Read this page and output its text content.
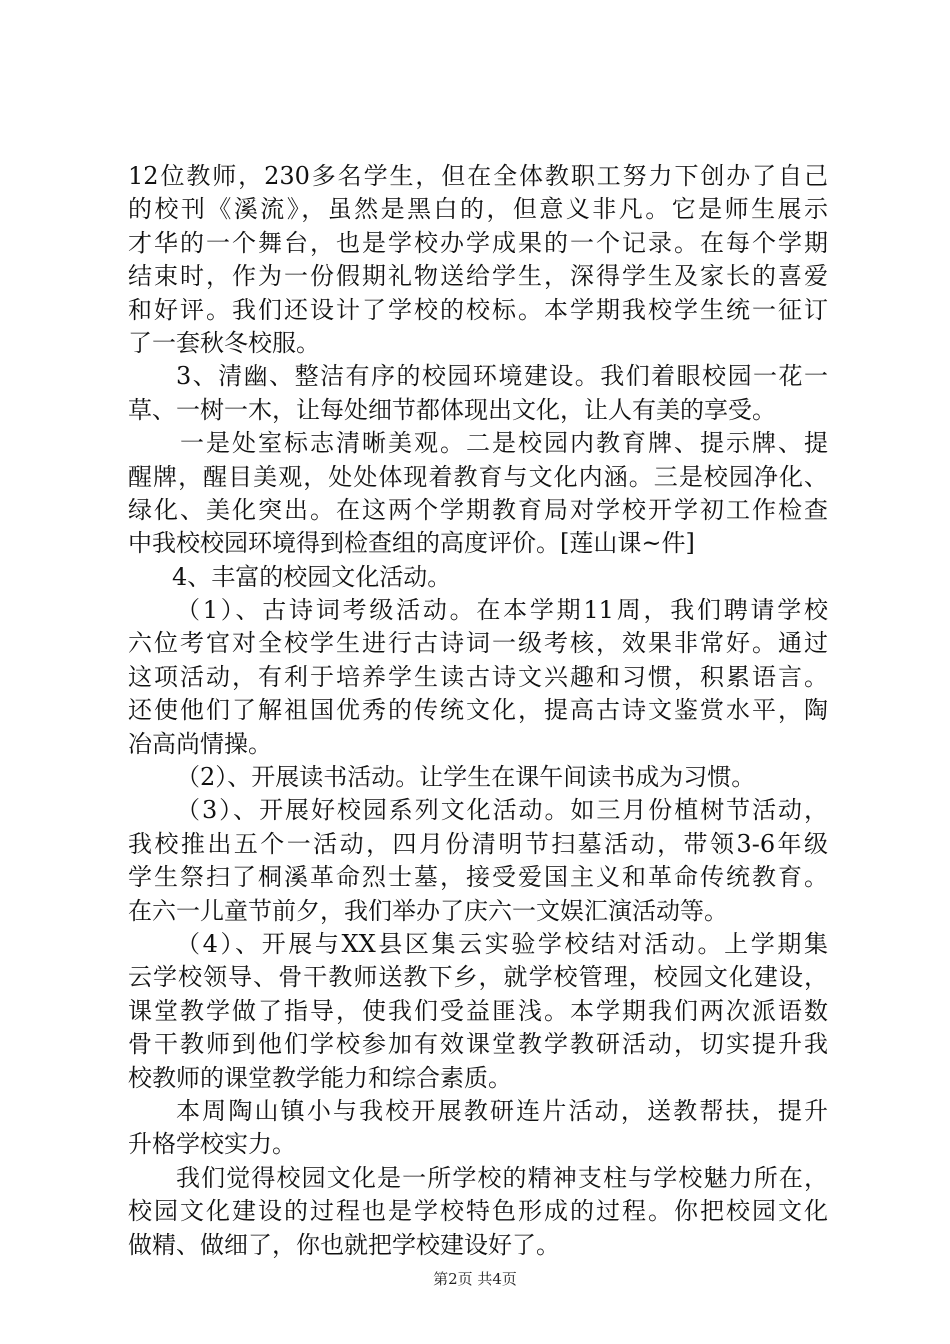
12位教师，230多名学生，但在全体教职工努力下创办了自己
的校刊《溪流》，虽然是黑白的，但意义非凡。它是师生展示
才华的一个舞台，也是学校办学成果的一个记录。在每个学期
结束时，作为一份假期礼物送给学生，深得学生及家长的喜爱
和好评。我们还设计了学校的校标。本学期我校学生统一征订
了一套秋冬校服。
3、清幽、整洁有序的校园环境建设。我们着眼校园一花一
草、一树一木，让每处细节都体现出文化，让人有美的享受。
一是处室标志清晰美观。二是校园内教育牌、提示牌、提
醒牌，醒目美观，处处体现着教育与文化内涵。三是校园净化、
绿化、美化突出。在这两个学期教育局对学校开学初工作检查
中我校校园环境得到检查组的高度评价。[莲山课~件]
4、丰富的校园文化活动。
（1）、古诗词考级活动。在本学期11周，我们聘请学校
六位考官对全校学生进行古诗词一级考核，效果非常好。通过
这项活动，有利于培养学生读古诗文兴趣和习惯，积累语言。
还使他们了解祖国优秀的传统文化，提高古诗文鉴赏水平，陶
冶高尚情操。
（2）、开展读书活动。让学生在课午间读书成为习惯。
（3）、开展好校园系列文化活动。如三月份植树节活动，
我校推出五个一活动，四月份清明节扫墓活动，带领3-6年级
学生祭扫了桐溪革命烈士墓，接受爱国主义和革命传统教育。
在六一儿童节前夕，我们举办了庆六一文娱汇演活动等。
（4）、开展与XX县区集云实验学校结对活动。上学期集
云学校领导、骨干教师送教下乡，就学校管理，校园文化建设，
课堂教学做了指导，使我们受益匪浅。本学期我们两次派语数
骨干教师到他们学校参加有效课堂教学教研活动，切实提升我
校教师的课堂教学能力和综合素质。
本周陶山镇小与我校开展教研连片活动，送教帮扶，提升
升格学校实力。
我们觉得校园文化是一所学校的精神支柱与学校魅力所在，
校园文化建设的过程也是学校特色形成的过程。你把校园文化
做精、做细了，你也就把学校建设好了。
第2页 共4页
